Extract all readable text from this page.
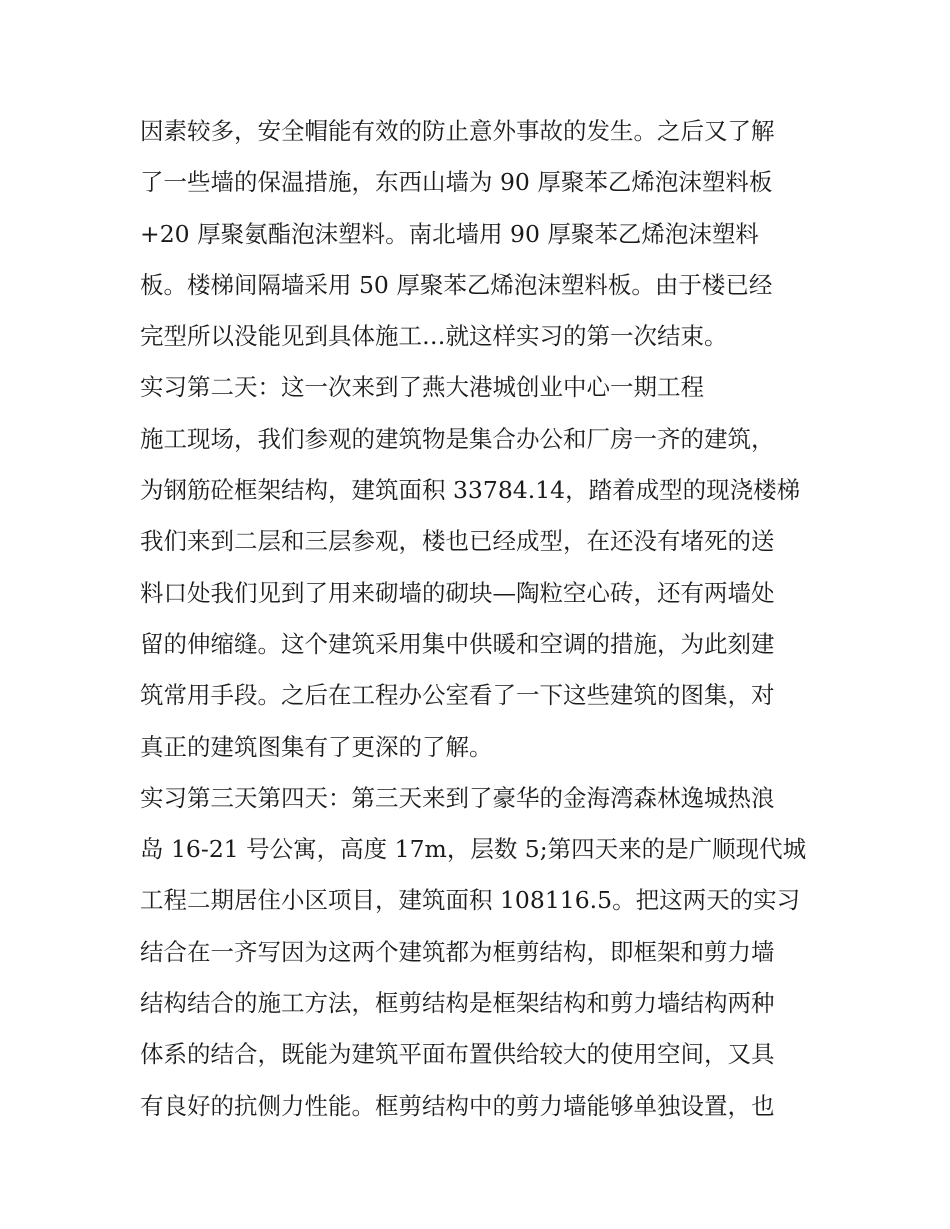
因素较多，安全帽能有效的防止意外事故的发生。之后又了解
了一些墙的保温措施，东西山墙为 90 厚聚苯乙烯泡沫塑料板
+20 厚聚氨酯泡沫塑料。南北墙用 90 厚聚苯乙烯泡沫塑料
板。楼梯间隔墙采用 50 厚聚苯乙烯泡沫塑料板。由于楼已经
完型所以没能见到具体施工…就这样实习的第一次结束。
实习第二天：这一次来到了燕大港城创业中心一期工程
施工现场，我们参观的建筑物是集合办公和厂房一齐的建筑，
为钢筋砼框架结构，建筑面积 33784.14，踏着成型的现浇楼梯
我们来到二层和三层参观，楼也已经成型，在还没有堵死的送
料口处我们见到了用来砌墙的砌块—陶粒空心砖，还有两墙处
留的伸缩缝。这个建筑采用集中供暖和空调的措施，为此刻建
筑常用手段。之后在工程办公室看了一下这些建筑的图集，对
真正的建筑图集有了更深的了解。
实习第三天第四天：第三天来到了豪华的金海湾森林逸城热浪
岛 16-21 号公寓，高度 17m，层数 5;第四天来的是广顺现代城
工程二期居住小区项目，建筑面积 108116.5。把这两天的实习
结合在一齐写因为这两个建筑都为框剪结构，即框架和剪力墙
结构结合的施工方法，框剪结构是框架结构和剪力墙结构两种
体系的结合，既能为建筑平面布置供给较大的使用空间，又具
有良好的抗侧力性能。框剪结构中的剪力墙能够单独设置，也
